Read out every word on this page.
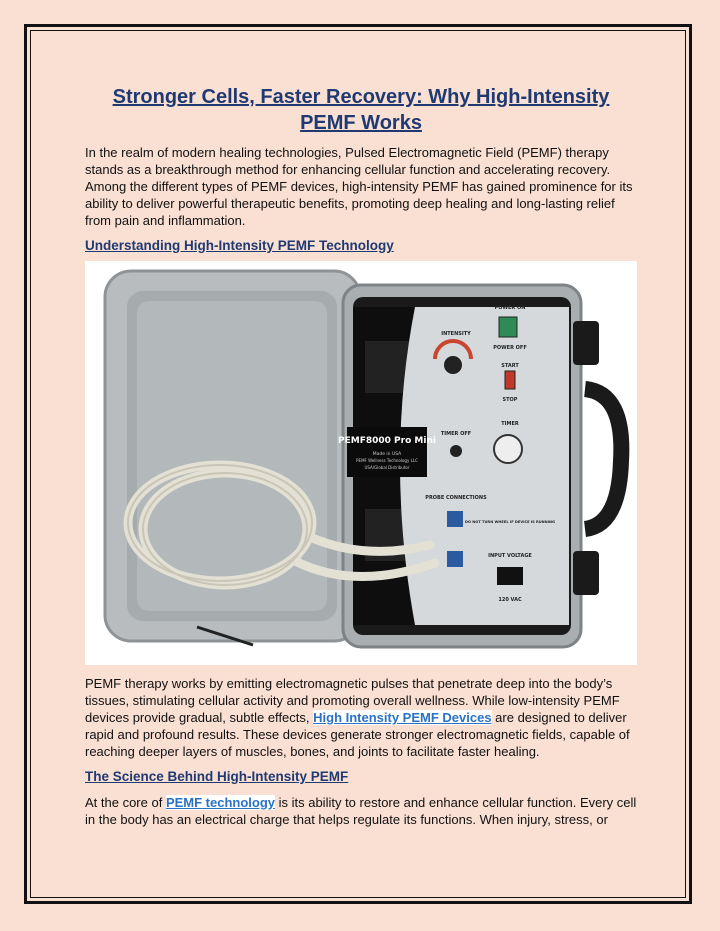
Stronger Cells, Faster Recovery: Why High-Intensity PEMF Works

In the realm of modern healing technologies, Pulsed Electromagnetic Field (PEMF) therapy stands as a breakthrough method for enhancing cellular function and accelerating recovery. Among the different types of PEMF devices, high-intensity PEMF has gained prominence for its ability to deliver powerful therapeutic benefits, promoting deep healing and long-lasting relief from pain and inflammation.

Understanding High-Intensity PEMF Technology
PEMF8000 Pro Mini
Made in USA
PEMF Wellness Technology LLC
USA/Global Distributor
POWER ON
POWER OFF
INTENSITY
START
STOP
TIMER
TIMER OFF
PROBE CONNECTIONS
DO NOT TURN WHEEL IF DEVICE IS RUNNING
INPUT VOLTAGE
120 VAC

PEMF therapy works by emitting electromagnetic pulses that penetrate deep into the body’s tissues, stimulating cellular activity and promoting overall wellness. While low-intensity PEMF devices provide gradual, subtle effects, High Intensity PEMF Devices are designed to deliver rapid and profound results. These devices generate stronger electromagnetic fields, capable of reaching deeper layers of muscles, bones, and joints to facilitate faster healing.

The Science Behind High-Intensity PEMF

At the core of PEMF technology is its ability to restore and enhance cellular function. Every cell in the body has an electrical charge that helps regulate its functions. When injury, stress, or
